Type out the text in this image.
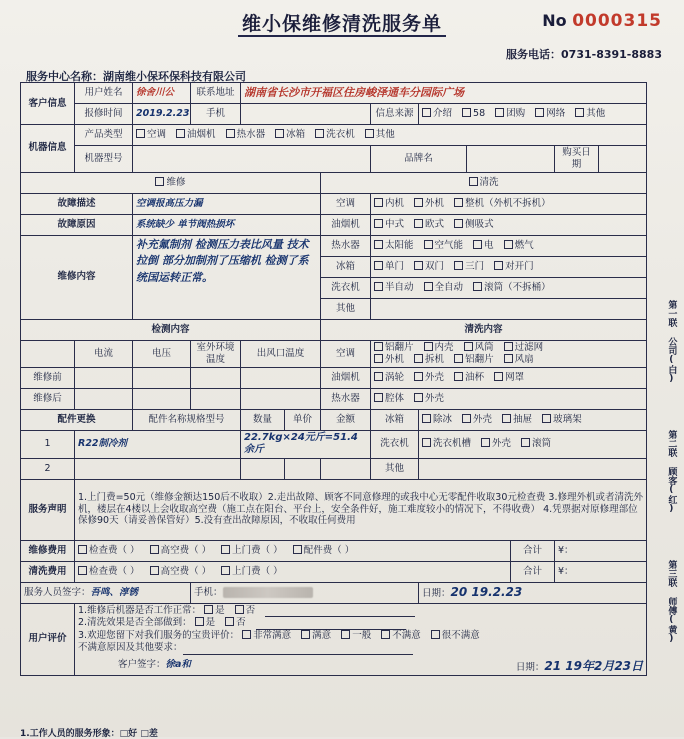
维小保维修清洗服务单	No 0000315
服务电话：0731-8391-8883
服务中心名称：湖南维小保环保科技有限公司
客户信息	用户姓名	徐舍川公	联系地址	湖南省长沙市开福区住房峻泽通车分园际广场								
	报修时间	2019.2.23	手机				信息来源	介绍 58 团购 网络 其他				
机器信息	产品类型	空调 油烟机 热水器 冰箱 洗衣机 其他										
	机器型号						品牌名				购买日期	
维修						清洗						
故障描述		空调报高压力漏				空调	内机 外机 整机（外机不拆机）					
故障原因		系统缺少 单节阀热损坏				油烟机	中式 欧式 侧吸式					
维修内容		补充氟制剂 检测压力表比风量 技术拉倒 部分加制剂了压缩机 检测了系统国运转正常。				热水器	太阳能 空气能 电 燃气					
						冰箱	单门 双门 三门 对开门					
						洗衣机	半自动 全自动 滚筒（不拆桶）					
						其他						
检测内容						清洗内容						
	电流	电压	室外环境温度	出风口温度		空调	铝翻片 内壳 风筒 过滤网
外机 拆机 铝翻片 风扇					
维修前						油烟机	涡轮 外壳 油杯 网罩					
维修后						热水器	腔体 外壳					
配件更换		配件名称规格型号		数量	单价	金额	冰箱	除冰 外壳 抽屉 玻璃架				
1	R22制冷剂			22.7kg×24元斤=51.4余斤			洗衣机	洗衣机槽 外壳 滚筒				
2							其他					
服务声明	1.上门费=50元（维修金额达150后不收取）2.走出故障、顾客不同意修理的或我中心无零配件收取30元检查费 3.修理外机或者清洗外机，楼层在4楼以上会收取高空费（施工点在阳台、平台上，安全条件好，施工难度较小的情况下，不得收费） 4.凭票据对原修理部位保修90天（请妥善保管好）5.没有查出故障原因，不收取任何费用											
维修费用	检查费（ ） 高空费（ ） 上门费（ ） 配件费（ ）									合计	¥：	
清洗费用	检查费（ ） 高空费（ ） 上门费（ ）									合计	¥：	
服务人员签字：吾鸣、淳锈			手机：					日期：20 19.2.23				
用户评价	
1.维修后机器是否工作正常： 是 否
2.清洗效果是否全部做到： 是 否
3.欢迎您留下对我们服务的宝贵评价： 非常满意 满意 一般 不满意 很不满意
不满意原因及其他要求：
客户签字：徐a和	日期：21 19年2月23日
第一联 公司(白)
第二联 顾客(红)
第三联 师傅(黄)
1.工作人员的服务形象：□好 □差
